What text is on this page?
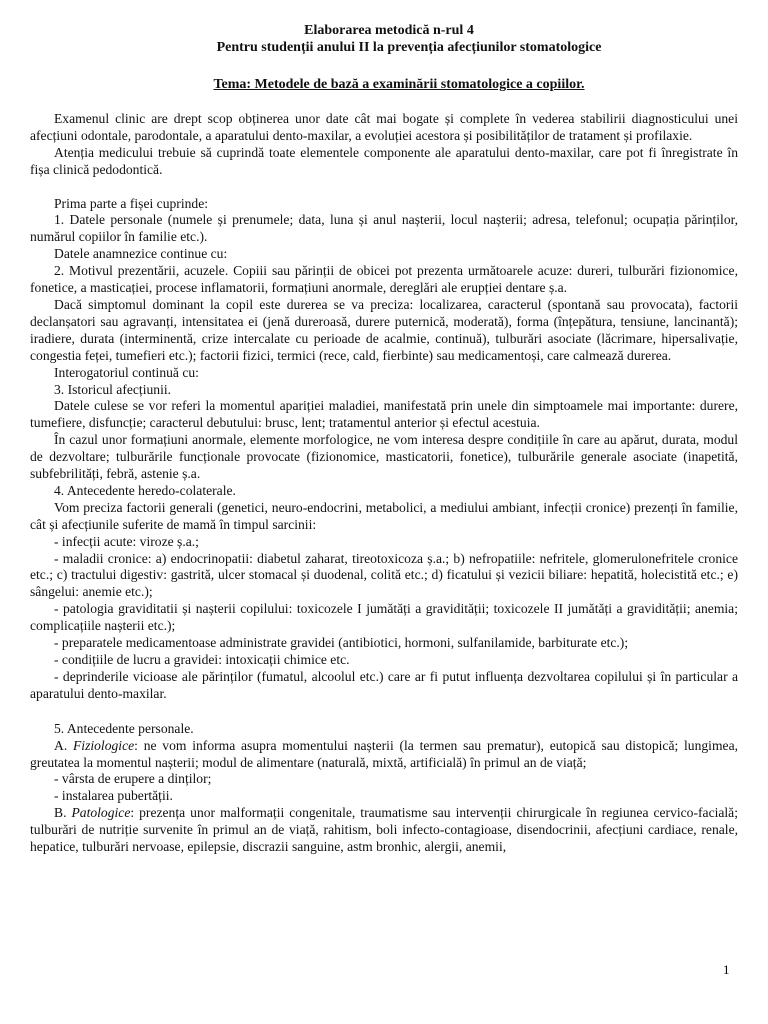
Elaborarea metodică n-rul 4
Pentru studenții anului II la prevenția afecțiunilor stomatologice
Tema: Metodele de bază a examinării stomatologice a copiilor.

Examenul clinic are drept scop obținerea unor date cât mai bogate și complete în vederea stabilirii diagnosticului unei afecțiuni odontale, parodontale, a aparatului dento-maxilar, a evoluției acestora și posibilităților de tratament și profilaxie.

Atenția medicului trebuie să cuprindă toate elementele componente ale aparatului dento-maxilar, care pot fi înregistrate în fișa clinică pedodontică.

Prima parte a fișei cuprinde:

1. Datele personale (numele și prenumele; data, luna și anul nașterii, locul nașterii; adresa, telefonul; ocupația părinților, numărul copiilor în familie etc.).

Datele anamnezice continue cu:

2. Motivul prezentării, acuzele. Copiii sau părinții de obicei pot prezenta următoarele acuze: dureri, tulburări fizionomice, fonetice, a masticației, procese inflamatorii, formațiuni anormale, dereglări ale erupției dentare ș.a.

Dacă simptomul dominant la copil este durerea se va preciza: localizarea, caracterul (spontană sau provocata), factorii declanșatori sau agravanți, intensitatea ei (jenă dureroasă, durere puternică, moderată), forma (înțepătura, tensiune, lancinantă); iradiere, durata (interminentă, crize intercalate cu perioade de acalmie, continuă), tulburări asociate (lăcrimare, hipersalivație, congestia feței, tumefieri etc.); factorii fizici, termici (rece, cald, fierbinte) sau medicamentoși, care calmează durerea.

Interogatoriul continuă cu:

3. Istoricul afecțiunii.

Datele culese se vor referi la momentul apariției maladiei, manifestată prin unele din simptoamele mai importante: durere, tumefiere, disfuncție; caracterul debutului: brusc, lent; tratamentul anterior și efectul acestuia.

În cazul unor formațiuni anormale, elemente morfologice, ne vom interesa despre condițiile în care au apărut, durata, modul de dezvoltare; tulburările funcționale provocate (fizionomice, masticatorii, fonetice), tulburările generale asociate (inapetită, subfebrilități, febră, astenie ș.a.

4. Antecedente heredo-colaterale.

Vom preciza factorii generali (genetici, neuro-endocrini, metabolici, a mediului ambiant, infecții cronice) prezenți în familie, cât și afecțiunile suferite de mamă în timpul sarcinii:

- infecții acute: viroze ș.a.;

- maladii cronice: a) endocrinopatii: diabetul zaharat, tireotoxicoza ș.a.; b) nefropatiile: nefritele, glomerulonefritele cronice etc.; c) tractului digestiv: gastrită, ulcer stomacal și duodenal, colită etc.; d) ficatului și vezicii biliare: hepatită, holecistită etc.; e) sângelui: anemie etc.);

- patologia graviditatii și nașterii copilului: toxicozele I jumătăți a gravidității; toxicozele II jumătăți a gravidității; anemia; complicațiile nașterii etc.);

- preparatele medicamentoase administrate gravidei (antibiotici, hormoni, sulfanilamide, barbiturate etc.);

- condițiile de lucru a gravidei: intoxicații chimice etc.

- deprinderile vicioase ale părinților (fumatul, alcoolul etc.) care ar fi putut influența dezvoltarea copilului și în particular a aparatului dento-maxilar.

5. Antecedente personale.

A. Fiziologice: ne vom informa asupra momentului nașterii (la termen sau prematur), eutopică sau distopică; lungimea, greutatea la momentul nașterii; modul de alimentare (naturală, mixtă, artificială) în primul an de viață;

- vârsta de erupere a dinților;

- instalarea pubertății.

B. Patologice: prezența unor malformații congenitale, traumatisme sau intervenții chirurgicale în regiunea cervico-facială; tulburări de nutriție survenite în primul an de viață, rahitism, boli infecto-contagioase, disendocrinii, afecțiuni cardiace, renale, hepatice, tulburări nervoase, epilepsie, discrazii sanguine, astm bronhic, alergii, anemii,

1
